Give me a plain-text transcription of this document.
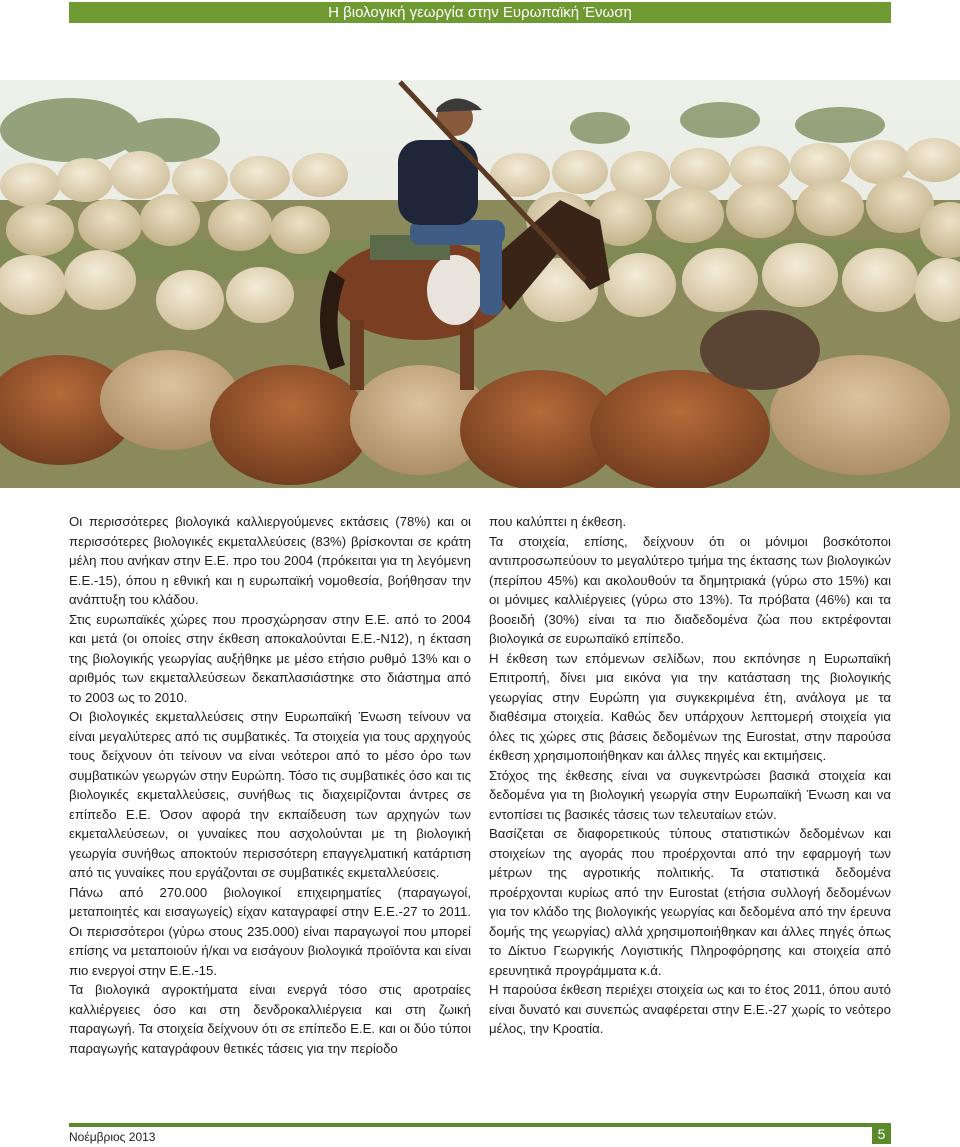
Η βιολογική γεωργία στην Ευρωπαϊκή Ένωση

Οι περισσότερες βιολογικά καλλιεργούμενες εκτάσεις (78%) και οι περισσότερες βιολογικές εκμεταλλεύσεις (83%) βρίσκονται σε κράτη μέλη που ανήκαν στην Ε.Ε. προ του 2004 (πρόκειται για τη λεγόμενη Ε.Ε.-15), όπου η εθνική και η ευρωπαϊκή νομοθεσία, βοήθησαν την ανάπτυξη του κλάδου.

Στις ευρωπαϊκές χώρες που προσχώρησαν στην Ε.Ε. από το 2004 και μετά (οι οποίες στην έκθεση αποκαλούνται Ε.Ε.-Ν12), η έκταση της βιολογικής γεωργίας αυξήθηκε με μέσο ετήσιο ρυθμό 13% και ο αριθμός των εκμεταλλεύσεων δεκαπλασιάστηκε στο διάστημα από το 2003 ως το 2010.

Οι βιολογικές εκμεταλλεύσεις στην Ευρωπαϊκή Ένωση τείνουν να είναι μεγαλύτερες από τις συμβατικές. Τα στοιχεία για τους αρχηγούς τους δείχνουν ότι τείνουν να είναι νεότεροι από το μέσο όρο των συμβατικών γεωργών στην Ευρώπη. Τόσο τις συμβατικές όσο και τις βιολογικές εκμεταλλεύσεις, συνήθως τις διαχειρίζονται άντρες σε επίπεδο Ε.Ε. Όσον αφορά την εκπαίδευση των αρχηγών των εκμεταλλεύσεων, οι γυναίκες που ασχολούνται με τη βιολογική γεωργία συνήθως αποκτούν περισσότερη επαγγελματική κατάρτιση από τις γυναίκες που εργάζονται σε συμβατικές εκμεταλλεύσεις.

Πάνω από 270.000 βιολογικοί επιχειρηματίες (παραγωγοί, μεταποιητές και εισαγωγείς) είχαν καταγραφεί στην Ε.Ε.-27 το 2011. Οι περισσότεροι (γύρω στους 235.000) είναι παραγωγοί που μπορεί επίσης να μεταποιούν ή/και να εισάγουν βιολογικά προϊόντα και είναι πιο ενεργοί στην Ε.Ε.-15.

Τα βιολογικά αγροκτήματα είναι ενεργά τόσο στις αροτραίες καλλιέργειες όσο και στη δενδροκαλλιέργεια και στη ζωική παραγωγή. Τα στοιχεία δείχνουν ότι σε επίπεδο Ε.Ε. και οι δύο τύποι παραγωγής καταγράφουν θετικές τάσεις για την περίοδο

που καλύπτει η έκθεση.

Τα στοιχεία, επίσης, δείχνουν ότι οι μόνιμοι βοσκότοποι αντιπροσωπεύουν το μεγαλύτερο τμήμα της έκτασης των βιολογικών (περίπου 45%) και ακολουθούν τα δημητριακά (γύρω στο 15%) και οι μόνιμες καλλιέργειες (γύρω στο 13%). Τα πρόβατα (46%) και τα βοοειδή (30%) είναι τα πιο διαδεδομένα ζώα που εκτρέφονται βιολογικά σε ευρωπαϊκό επίπεδο.

Η έκθεση των επόμενων σελίδων, που εκπόνησε η Ευρωπαϊκή Επιτροπή, δίνει μια εικόνα για την κατάσταση της βιολογικής γεωργίας στην Ευρώπη για συγκεκριμένα έτη, ανάλογα με τα διαθέσιμα στοιχεία. Καθώς δεν υπάρχουν λεπτομερή στοιχεία για όλες τις χώρες στις βάσεις δεδομένων της Eurostat, στην παρούσα έκθεση χρησιμοποιήθηκαν και άλλες πηγές και εκτιμήσεις.

Στόχος της έκθεσης είναι να συγκεντρώσει βασικά στοιχεία και δεδομένα για τη βιολογική γεωργία στην Ευρωπαϊκή Ένωση και να εντοπίσει τις βασικές τάσεις των τελευταίων ετών.

Βασίζεται σε διαφορετικούς τύπους στατιστικών δεδομένων και στοιχείων της αγοράς που προέρχονται από την εφαρμογή των μέτρων της αγροτικής πολιτικής. Τα στατιστικά δεδομένα προέρχονται κυρίως από την Eurostat (ετήσια συλλογή δεδομένων για τον κλάδο της βιολογικής γεωργίας και δεδομένα από την έρευνα δομής της γεωργίας) αλλά χρησιμοποιήθηκαν και άλλες πηγές όπως το Δίκτυο Γεωργικής Λογιστικής Πληροφόρησης και στοιχεία από ερευνητικά προγράμματα κ.ά.

Η παρούσα έκθεση περιέχει στοιχεία ως και το έτος 2011, όπου αυτό είναι δυνατό και συνεπώς αναφέρεται στην Ε.Ε.-27 χωρίς το νεότερο μέλος, την Κροατία.

Νοέμβριος 2013	5
